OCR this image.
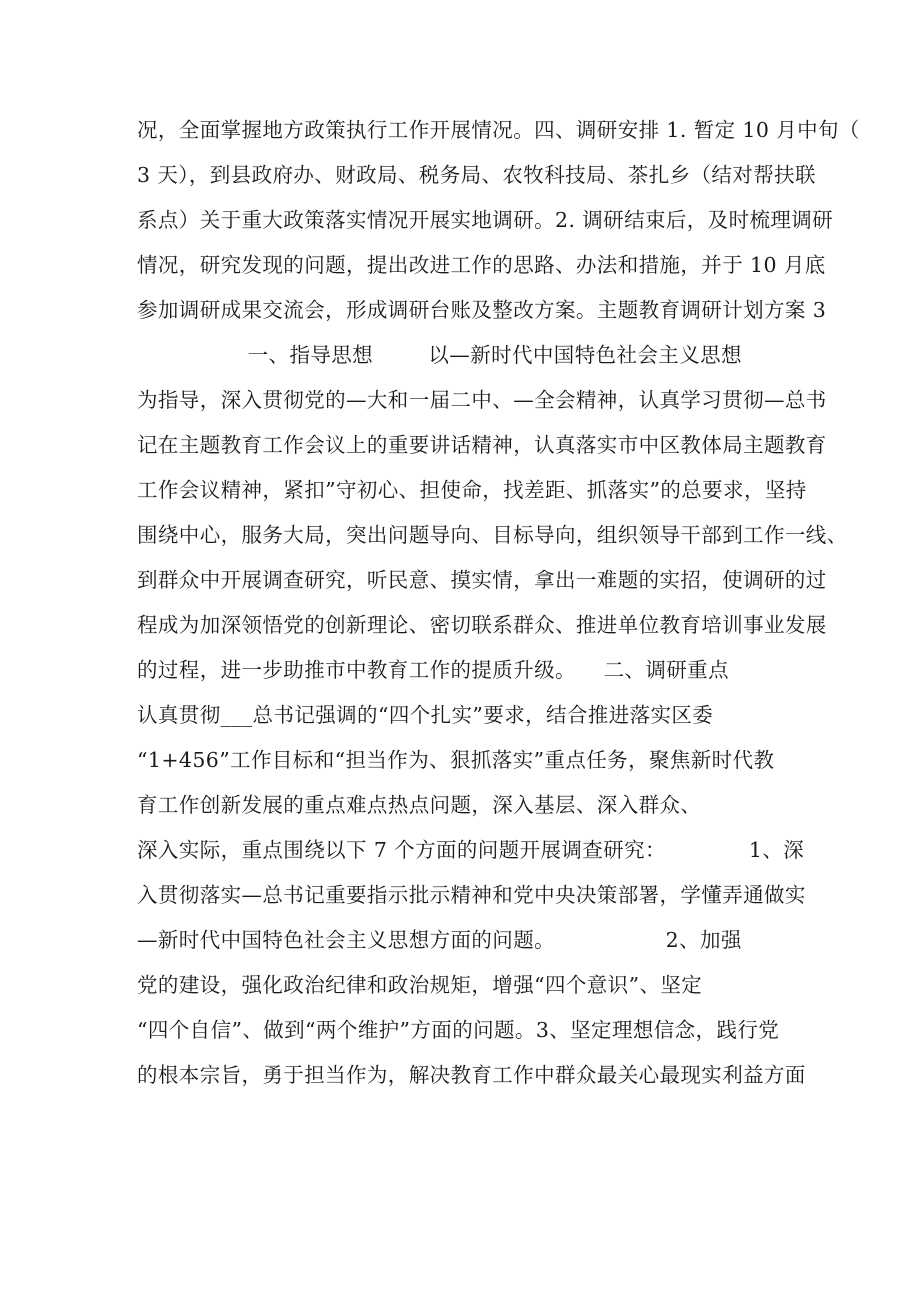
况，全面掌握地方政策执行工作开展情况。四、调研安排 1. 暂定 10 月中旬（
3 天），到县政府办、财政局、税务局、农牧科技局、茶扎乡（结对帮扶联
系点）关于重大政策落实情况开展实地调研。2. 调研结束后，及时梳理调研
情况，研究发现的问题，提出改进工作的思路、办法和措施，并于 10 月底
参加调研成果交流会，形成调研台账及整改方案。主题教育调研计划方案 3
一、指导思想        以—新时代中国特色社会主义思想
为指导，深入贯彻党的—大和一届二中、—全会精神，认真学习贯彻—总书
记在主题教育工作会议上的重要讲话精神，认真落实市中区教体局主题教育
工作会议精神，紧扣”守初心、担使命，找差距、抓落实”的总要求，坚持
围绕中心，服务大局，突出问题导向、目标导向，组织领导干部到工作一线、
到群众中开展调查研究，听民意、摸实情，拿出一难题的实招，使调研的过
程成为加深领悟党的创新理论、密切联系群众、推进单位教育培训事业发展
的过程，进一步助推市中教育工作的提质升级。    二、调研重点
认真贯彻___总书记强调的“四个扎实”要求，结合推进落实区委
“1+456”工作目标和“担当作为、狠抓落实”重点任务，聚焦新时代教
育工作创新发展的重点难点热点问题，深入基层、深入群众、
深入实际，重点围绕以下 7 个方面的问题开展调查研究：            1、深
入贯彻落实—总书记重要指示批示精神和党中央决策部署，学懂弄通做实
—新时代中国特色社会主义思想方面的问题。                2、加强
党的建设，强化政治纪律和政治规矩，增强“四个意识”、坚定
“四个自信”、做到“两个维护”方面的问题。3、坚定理想信念，践行党
的根本宗旨，勇于担当作为，解决教育工作中群众最关心最现实利益方面
